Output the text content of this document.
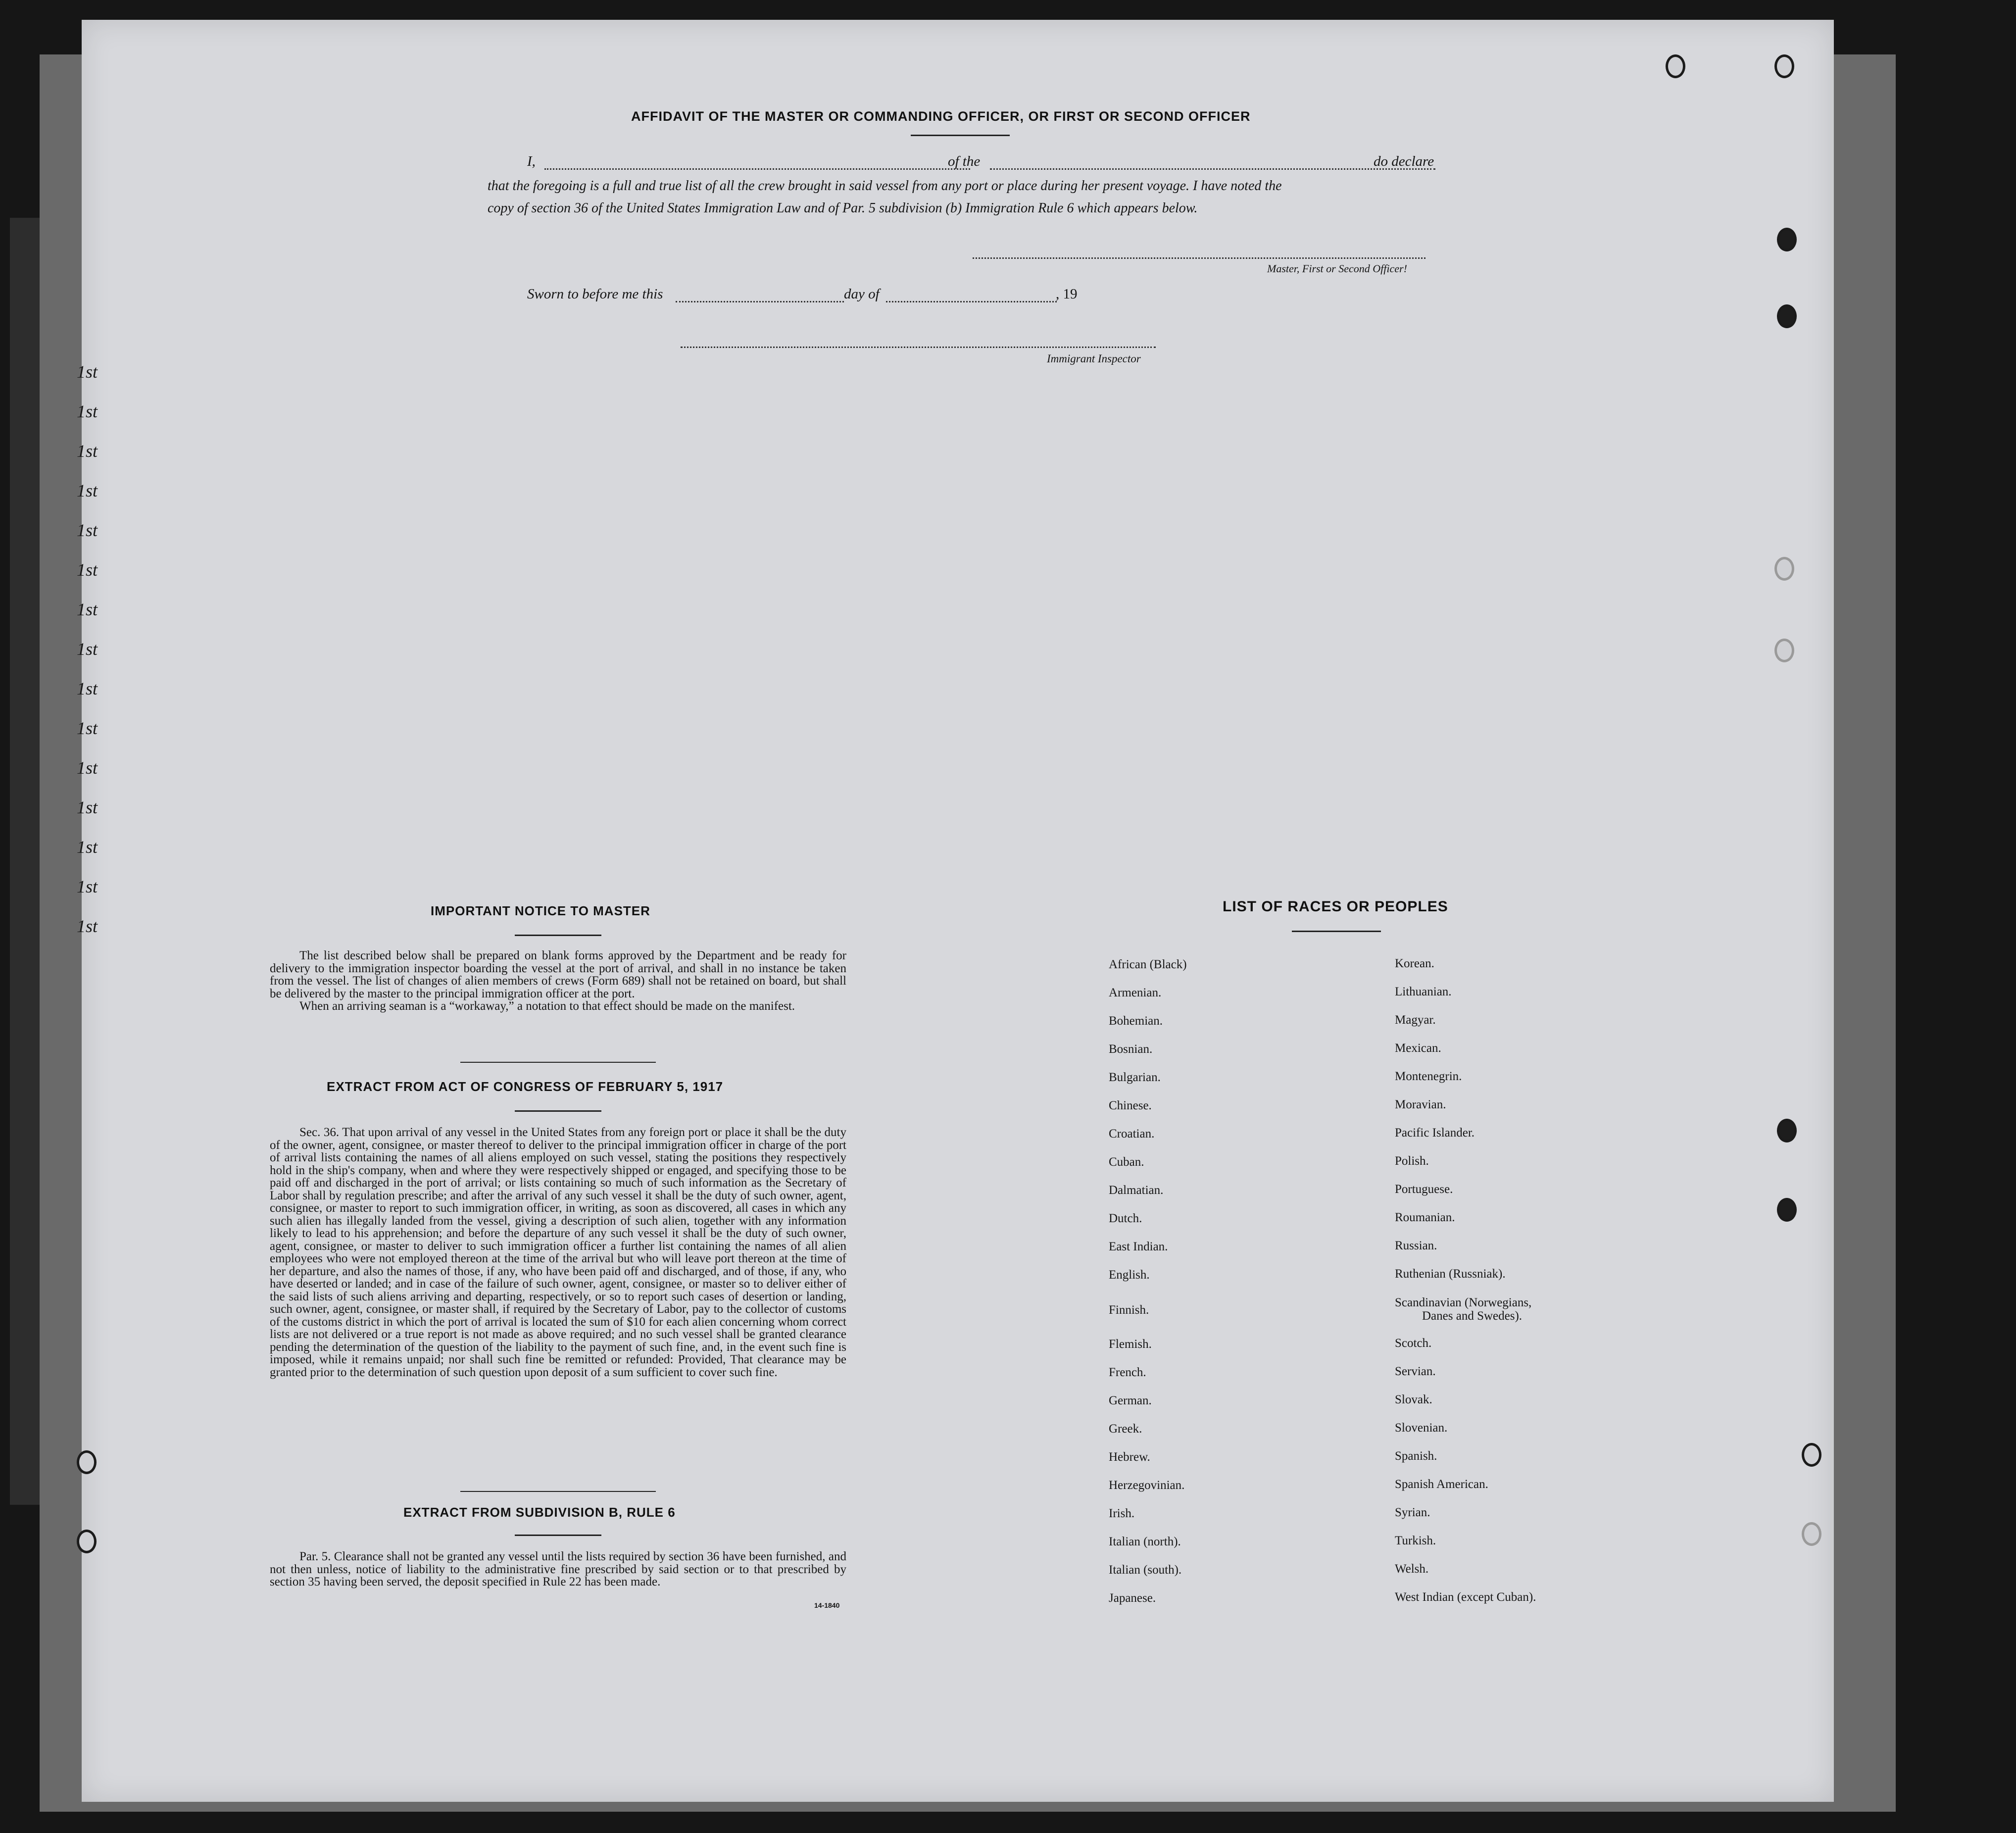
1st
1st
1st
1st
1st
1st
1st
1st
1st
1st
1st
1st
1st
1st
1st
AFFIDAVIT OF THE MASTER OR COMMANDING OFFICER, OR FIRST OR SECOND OFFICER
I,	of the	do declare
that the foregoing is a full and true list of all the crew brought in said vessel from any port or place during her present voyage. I have noted the
copy of section 36 of the United States Immigration Law and of Par. 5 subdivision (b) Immigration Rule 6 which appears below.
Master, First or Second Officer!
Sworn to before me this	day of	, 19
Immigrant Inspector
IMPORTANT NOTICE TO MASTER

The list described below shall be prepared on blank forms approved by the Department and be ready for delivery to the immigration inspector boarding the vessel at the port of arrival, and shall in no instance be taken from the vessel. The list of changes of alien members of crews (Form 689) shall not be retained on board, but shall be delivered by the master to the principal immigration officer at the port.

When an arriving seaman is a “workaway,” a notation to that effect should be made on the manifest.

EXTRACT FROM ACT OF CONGRESS OF FEBRUARY 5, 1917

Sec. 36. That upon arrival of any vessel in the United States from any foreign port or place it shall be the duty of the owner, agent, consignee, or master thereof to deliver to the principal immigration officer in charge of the port of arrival lists containing the names of all aliens employed on such vessel, stating the positions they respectively hold in the ship's company, when and where they were respectively shipped or engaged, and specifying those to be paid off and discharged in the port of arrival; or lists containing so much of such information as the Secretary of Labor shall by regulation prescribe; and after the arrival of any such vessel it shall be the duty of such owner, agent, consignee, or master to report to such immigration officer, in writing, as soon as discovered, all cases in which any such alien has illegally landed from the vessel, giving a description of such alien, together with any information likely to lead to his apprehension; and before the departure of any such vessel it shall be the duty of such owner, agent, consignee, or master to deliver to such immigration officer a further list containing the names of all alien employees who were not employed thereon at the time of the arrival but who will leave port thereon at the time of her departure, and also the names of those, if any, who have been paid off and discharged, and of those, if any, who have deserted or landed; and in case of the failure of such owner, agent, consignee, or master so to deliver either of the said lists of such aliens arriving and departing, respectively, or so to report such cases of desertion or landing, such owner, agent, consignee, or master shall, if required by the Secretary of Labor, pay to the collector of customs of the customs district in which the port of arrival is located the sum of $10 for each alien concerning whom correct lists are not delivered or a true report is not made as above required; and no such vessel shall be granted clearance pending the determination of the question of the liability to the payment of such fine, and, in the event such fine is imposed, while it remains unpaid; nor shall such fine be remitted or refunded: Provided, That clearance may be granted prior to the determination of such question upon deposit of a sum sufficient to cover such fine.

EXTRACT FROM SUBDIVISION B, RULE 6

Par. 5. Clearance shall not be granted any vessel until the lists required by section 36 have been furnished, and not then unless, notice of liability to the administrative fine prescribed by said section or to that prescribed by section 35 having been served, the deposit specified in Rule 22 has been made.

14-1840
LIST OF RACES OR PEOPLES
African (Black)
Armenian.
Bohemian.
Bosnian.
Bulgarian.
Chinese.
Croatian.
Cuban.
Dalmatian.
Dutch.
East Indian.
English.
Finnish.
Flemish.
French.
German.
Greek.
Hebrew.
Herzegovinian.
Irish.
Italian (north).
Italian (south).
Japanese.
Korean.
Lithuanian.
Magyar.
Mexican.
Montenegrin.
Moravian.
Pacific Islander.
Polish.
Portuguese.
Roumanian.
Russian.
Ruthenian (Russniak).
Scandinavian (Norwegians,
Danes and Swedes).
Scotch.
Servian.
Slovak.
Slovenian.
Spanish.
Spanish American.
Syrian.
Turkish.
Welsh.
West Indian (except Cuban).
